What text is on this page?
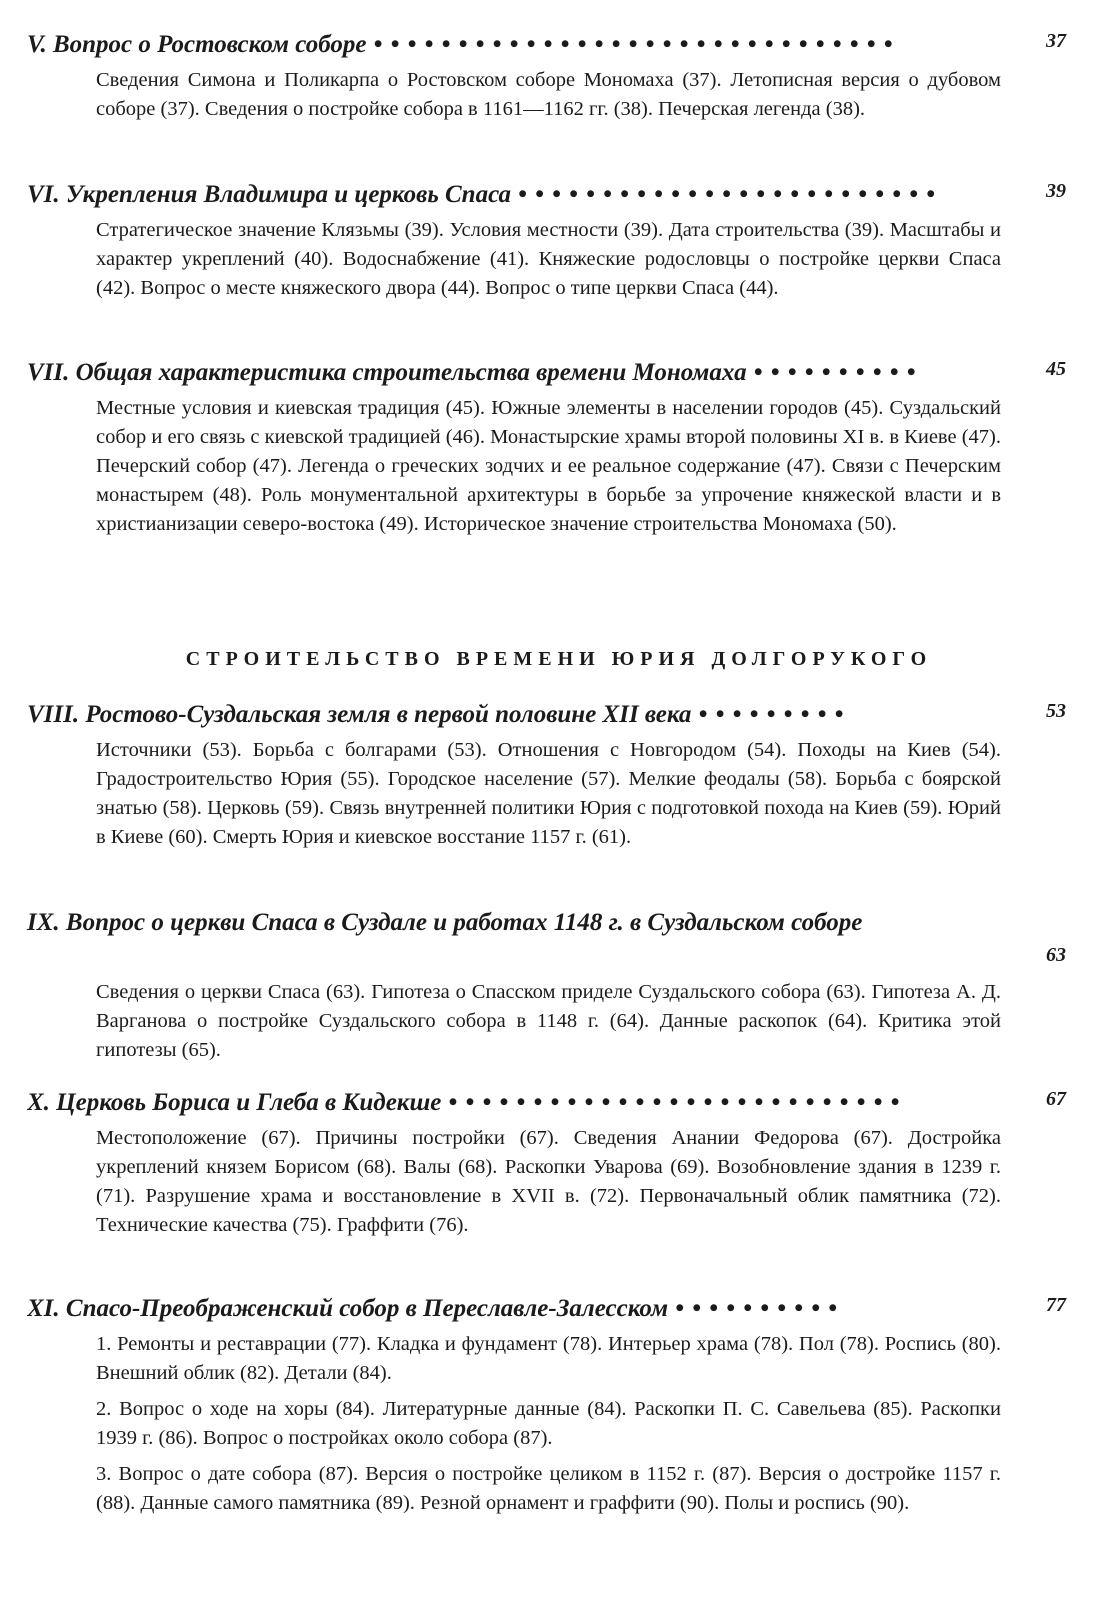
V. Вопрос о Ростовском соборе • • • • • • • • • • • • • • • • • • • • • • • • • • • • • • •	37

Сведения Симона и Поликарпа о Ростовском соборе Мономаха (37). Летописная версия о дубовом соборе (37). Сведения о постройке собора в 1161—1162 гг. (38). Печерская легенда (38).

VI. Укрепления Владимира и церковь Спаса • • • • • • • • • • • • • • • • • • • • • • • • •	39

Стратегическое значение Клязьмы (39). Условия местности (39). Дата строительства (39). Масштабы и характер укреплений (40). Водоснабжение (41). Княжеские родословцы о постройке церкви Спаса (42). Вопрос о месте княжеского двора (44). Вопрос о типе церкви Спаса (44).

VII. Общая характеристика строительства времени Мономаха • • • • • • • • • •	45

Местные условия и киевская традиция (45). Южные элементы в населении городов (45). Суздальский собор и его связь с киевской традицией (46). Монастырские храмы второй половины XI в. в Киеве (47). Печерский собор (47). Легенда о греческих зодчих и ее реальное содержание (47). Связи с Печерским монастырем (48). Роль монументальной архитектуры в борьбе за упрочение княжеской власти и в христианизации северо-востока (49). Историческое значение строительства Мономаха (50).

СТРОИТЕЛЬСТВО ВРЕМЕНИ ЮРИЯ ДОЛГОРУКОГО
VIII. Ростово-Суздальская земля в первой половине XII века • • • • • • • • •	53

Источники (53). Борьба с болгарами (53). Отношения с Новгородом (54). Походы на Киев (54). Градостроительство Юрия (55). Городское население (57). Мелкие феодалы (58). Борьба с боярской знатью (58). Церковь (59). Связь внутренней политики Юрия с подготовкой похода на Киев (59). Юрий в Киеве (60). Смерть Юрия и киевское восстание 1157 г. (61).

IX. Вопрос о церкви Спаса в Суздале и работах 1148 г. в Суздальском соборе
63

Сведения о церкви Спаса (63). Гипотеза о Спасском приделе Суздальского собора (63). Гипотеза А. Д. Варганова о постройке Суздальского собора в 1148 г. (64). Данные раскопок (64). Критика этой гипотезы (65).

X. Церковь Бориса и Глеба в Кидекше • • • • • • • • • • • • • • • • • • • • • • • • • • •	67

Местоположение (67). Причины постройки (67). Сведения Анании Федорова (67). Достройка укреплений князем Борисом (68). Валы (68). Раскопки Уварова (69). Возобновление здания в 1239 г. (71). Разрушение храма и восстановление в XVII в. (72). Первоначальный облик памятника (72). Технические качества (75). Граффити (76).

XI. Спасо-Преображенский собор в Переславле-Залесском • • • • • • • • • •	77

1. Ремонты и реставрации (77). Кладка и фундамент (78). Интерьер храма (78). Пол (78). Роспись (80). Внешний облик (82). Детали (84).

2. Вопрос о ходе на хоры (84). Литературные данные (84). Раскопки П. С. Савельева (85). Раскопки 1939 г. (86). Вопрос о постройках около собора (87).

3. Вопрос о дате собора (87). Версия о постройке целиком в 1152 г. (87). Версия о достройке 1157 г. (88). Данные самого памятника (89). Резной орнамент и граффити (90). Полы и роспись (90).
